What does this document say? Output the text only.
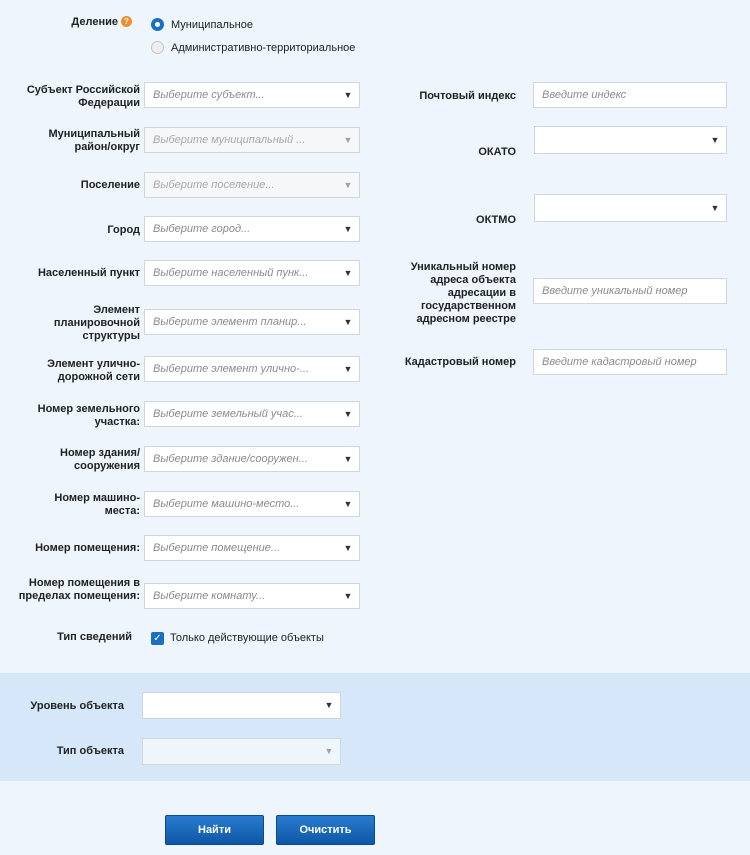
Деление ?	Муниципальное
Административно-территориальное
Субъект Российской Федерации
Выберите субъект...	▼
Муниципальный район/округ
Выберите муниципальный ...	▼
Поселение Выберите поселение...	▼
Город Выберите город...	▼
Населенный пункт Выберите населенный пунк...	▼
Элемент планировочной структуры
Выберите элемент планир...	▼
Элемент улично-дорожной сети
Выберите элемент улично-...	▼
Номер земельного участка:
Выберите земельный учас...	▼
Номер здания/ сооружения
Выберите здание/сооружен...	▼
Номер машино-места:
Выберите машино-место...	▼
Номер помещения: Выберите помещение...	▼
Номер помещения в пределах помещения: Выберите комнату...	▼
Тип сведений ✓ Только действующие объекты
Почтовый индекс	Введите индекс
ОКАТО
▼
ОКТМО
▼
Уникальный номер адреса объекта адресации в государственном адресном реестре
Введите уникальный номер
Кадастровый номер	Введите кадастровый номер
Уровень объекта	▼
Тип объекта	▼
Найти	Очистить
